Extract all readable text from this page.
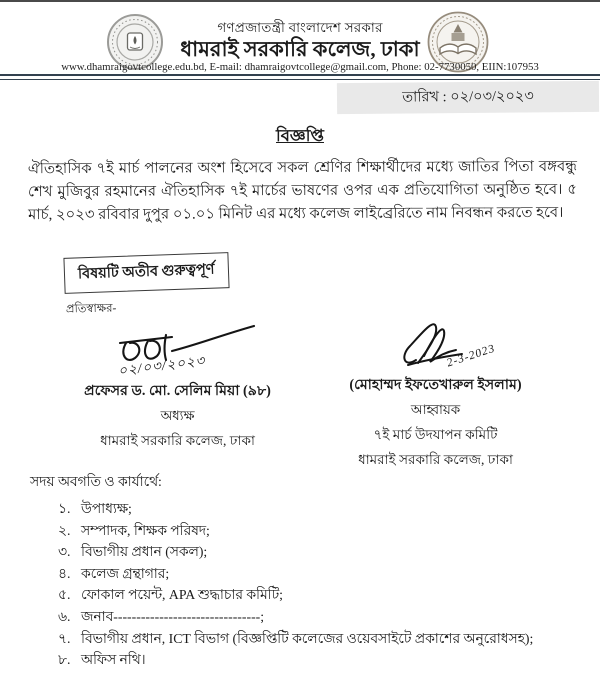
গণপ্রজাতন্ত্রী বাংলাদেশ সরকার
ধামরাই সরকারি কলেজ, ঢাকা
www.dhamraigovtcollege.edu.bd, E-mail: dhamraigovtcollege@gmail.com, Phone: 02-7730050, EIIN:107953
তারিখ : ০২/০৩/২০২৩
বিজ্ঞপ্তি
ঐতিহাসিক ৭ই মার্চ পালনের অংশ হিসেবে সকল শ্রেণির শিক্ষার্থীদের মধ্যে জাতির পিতা বঙ্গবন্ধু শেখ মুজিবুর রহমানের ঐতিহাসিক ৭ই মার্চের ভাষণের ওপর এক প্রতিযোগিতা অনুষ্ঠিত হবে। ৫ মার্চ, ২০২৩ রবিবার দুপুর ০১.০১ মিনিট এর মধ্যে কলেজ লাইব্রেরিতে নাম নিবন্ধন করতে হবে।
বিষয়টি অতীব গুরুত্বপূর্ণ
প্রতিস্বাক্ষর-
০২/০৩/২০২৩
প্রফেসর ড. মো. সেলিম মিয়া (৯৮)
অধ্যক্ষ
ধামরাই সরকারি কলেজ, ঢাকা
2-3-2023
(মোহাম্মদ ইফতেখারুল ইসলাম)
আহ্বায়ক
৭ই মার্চ উদযাপন কমিটি
ধামরাই সরকারি কলেজ, ঢাকা
সদয় অবগতি ও কার্যার্থে:
১. উপাধ্যক্ষ;
২. সম্পাদক, শিক্ষক পরিষদ;
৩. বিভাগীয় প্রধান (সকল);
৪. কলেজ গ্রন্থাগার;
৫. ফোকাল পয়েন্ট, APA শুদ্ধাচার কমিটি;
৬. জনাব--------------------------------;
৭. বিভাগীয় প্রধান, ICT বিভাগ (বিজ্ঞপ্তিটি কলেজের ওয়েবসাইটে প্রকাশের অনুরোধসহ);
৮. অফিস নথি।
